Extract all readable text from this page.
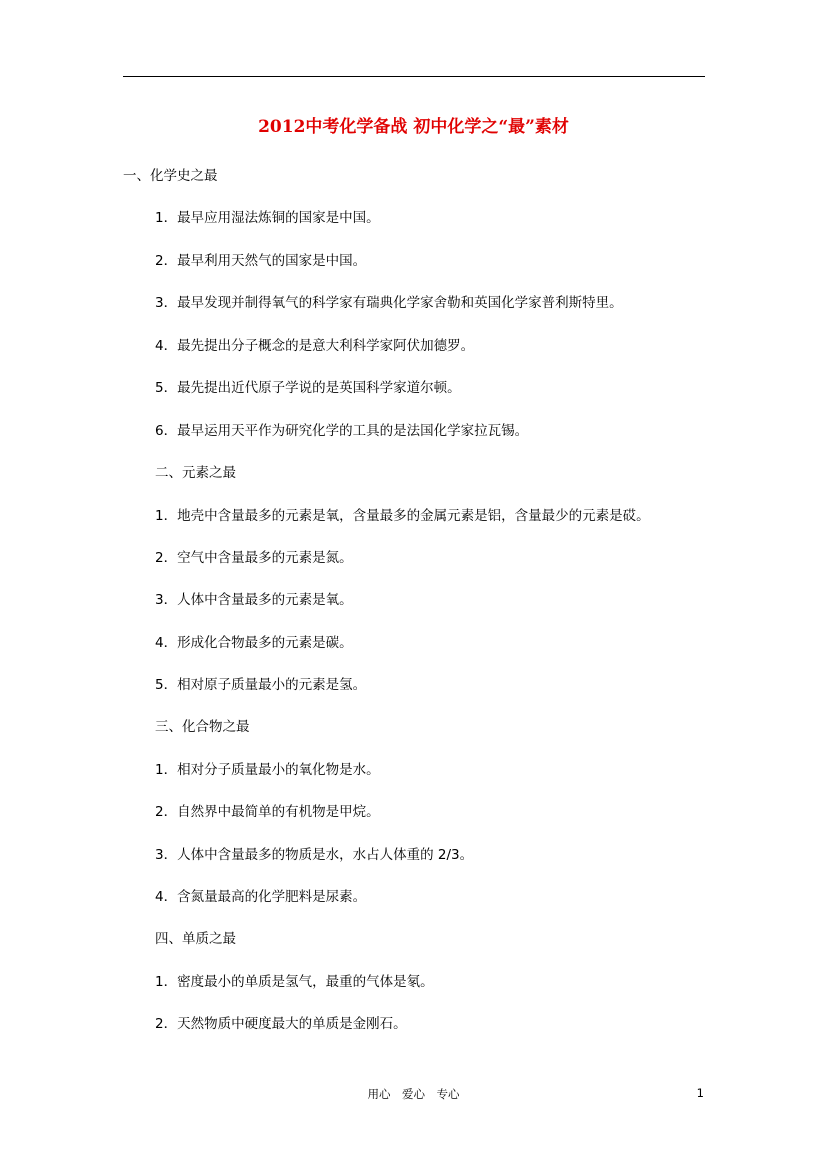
2012中考化学备战 初中化学之“最”素材
一、化学史之最
1．最早应用湿法炼铜的国家是中国。
2．最早利用天然气的国家是中国。
3．最早发现并制得氧气的科学家有瑞典化学家舍勒和英国化学家普利斯特里。
4．最先提出分子概念的是意大利科学家阿伏加德罗。
5．最先提出近代原子学说的是英国科学家道尔顿。
6．最早运用天平作为研究化学的工具的是法国化学家拉瓦锡。
二、元素之最
1．地壳中含量最多的元素是氧，含量最多的金属元素是铝，含量最少的元素是砹。
2．空气中含量最多的元素是氮。
3．人体中含量最多的元素是氧。
4．形成化合物最多的元素是碳。
5．相对原子质量最小的元素是氢。
三、化合物之最
1．相对分子质量最小的氧化物是水。
2．自然界中最简单的有机物是甲烷。
3．人体中含量最多的物质是水，水占人体重的 2/3。
4．含氮量最高的化学肥料是尿素。
四、单质之最
1．密度最小的单质是氢气，最重的气体是氡。
2．天然物质中硬度最大的单质是金刚石。
用心　爱心　专心	1
